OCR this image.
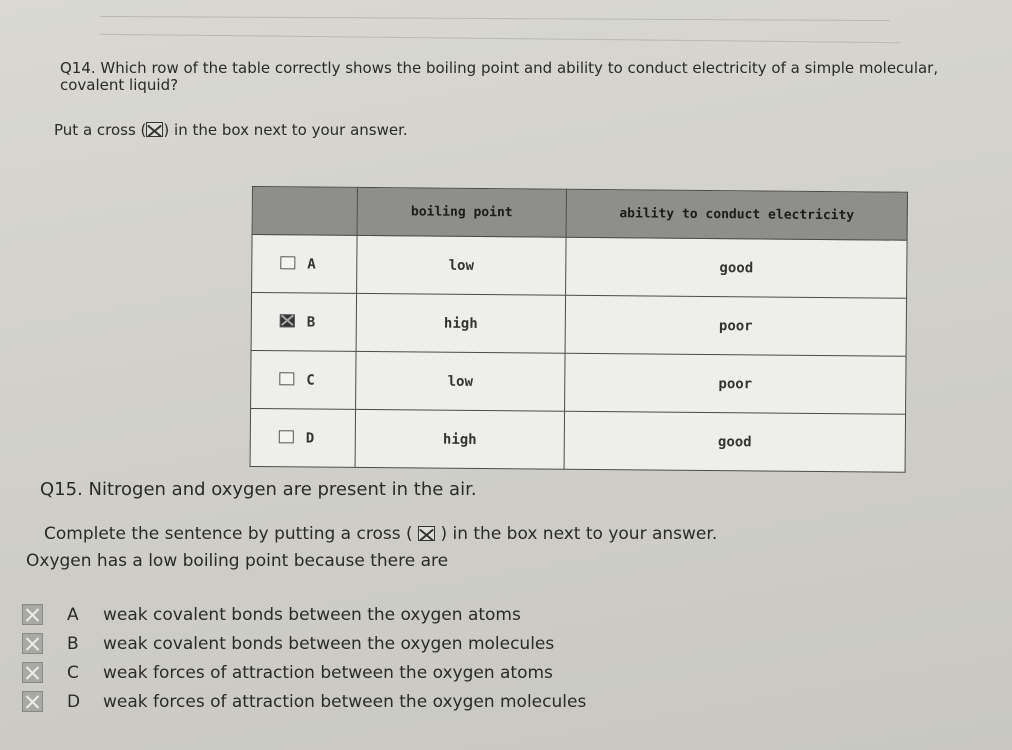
Q14. Which row of the table correctly shows the boiling point and ability to conduct electricity of a simple molecular, covalent liquid?

Put a cross (☒) in the box next to your answer.

	boiling point	ability to conduct electricity
A	low	good
B	high	poor
C	low	poor
D	high	good

Q15. Nitrogen and oxygen are present in the air.

Complete the sentence by putting a cross ( ☒ ) in the box next to your answer.

Oxygen has a low boiling point because there are

A	weak covalent bonds between the oxygen atoms
B	weak covalent bonds between the oxygen molecules
C	weak forces of attraction between the oxygen atoms
D	weak forces of attraction between the oxygen molecules
